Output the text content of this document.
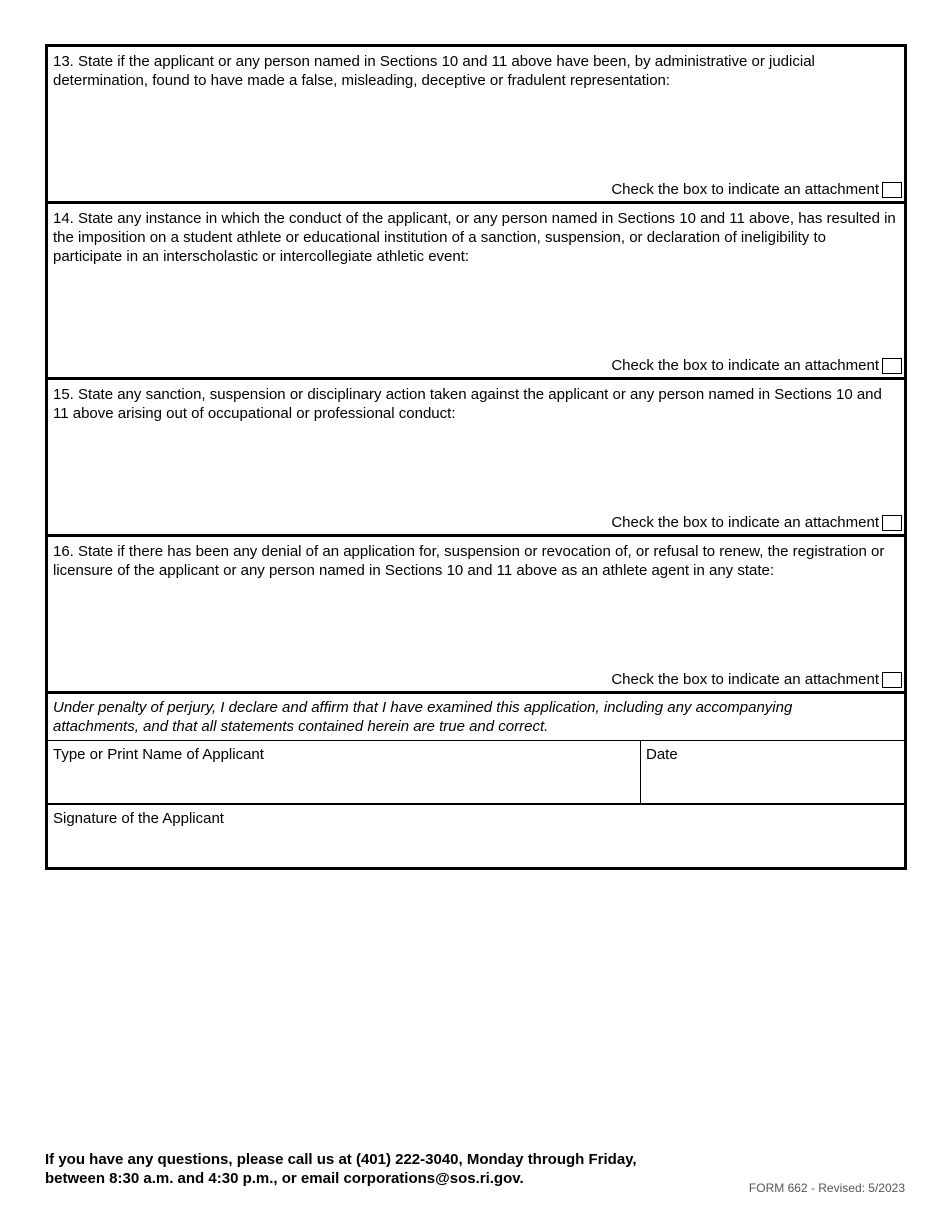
13. State if the applicant or any person named in Sections 10 and 11 above have been, by administrative or judicial determination, found to have made a false, misleading, deceptive or fradulent representation:
Check the box to indicate an attachment
14. State any instance in which the conduct of the applicant, or any person named in Sections 10 and 11 above, has resulted in the imposition on a student athlete or educational institution of a sanction, suspension, or declaration of ineligibility to participate in an interscholastic or intercollegiate athletic event:
Check the box to indicate an attachment
15. State any sanction, suspension or disciplinary action taken against the applicant or any person named in Sections 10 and 11 above arising out of occupational or professional conduct:
Check the box to indicate an attachment
16. State if there has been any denial of an application for, suspension or revocation of, or refusal to renew, the registration or licensure of the applicant or any person named in Sections 10 and 11 above as an athlete agent in any state:
Check the box to indicate an attachment
Under penalty of perjury, I declare and affirm that I have examined this application, including any accompanying attachments, and that all statements contained herein are true and correct.
Type or Print Name of Applicant	Date
Signature of the Applicant
If you have any questions, please call us at (401) 222-3040, Monday through Friday,
between 8:30 a.m. and 4:30 p.m., or email corporations@sos.ri.gov.
FORM 662 - Revised: 5/2023
